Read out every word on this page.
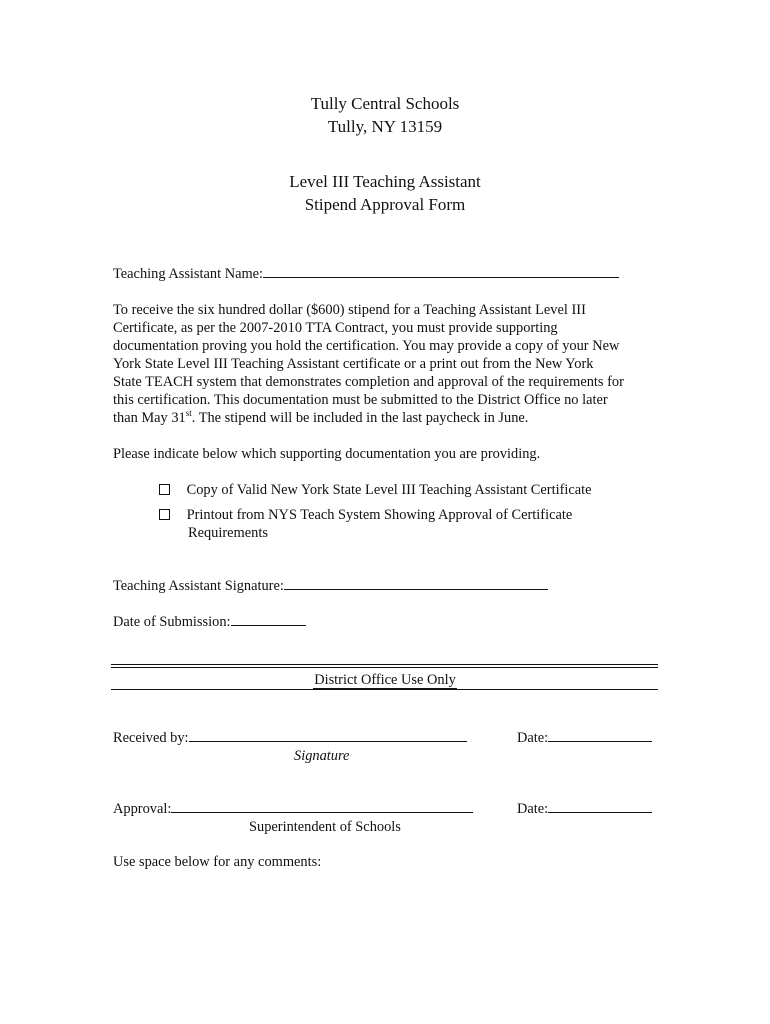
Tully Central Schools
Tully, NY 13159
Level III Teaching Assistant
Stipend Approval Form
Teaching Assistant Name:
To receive the six hundred dollar ($600) stipend for a Teaching Assistant Level III
Certificate, as per the 2007-2010 TTA Contract, you must provide supporting
documentation proving you hold the certification. You may provide a copy of your New
York State Level III Teaching Assistant certificate or a print out from the New York
State TEACH system that demonstrates completion and approval of the requirements for
this certification. This documentation must be submitted to the District Office no later
than May 31st. The stipend will be included in the last paycheck in June.
Please indicate below which supporting documentation you are providing.
Copy of Valid New York State Level III Teaching Assistant Certificate
Printout from NYS Teach System Showing Approval of Certificate
Requirements
Teaching Assistant Signature:
Date of Submission:
District Office Use Only
Received by:	Date:
Signature
Approval:	Date:
Superintendent of Schools
Use space below for any comments:
